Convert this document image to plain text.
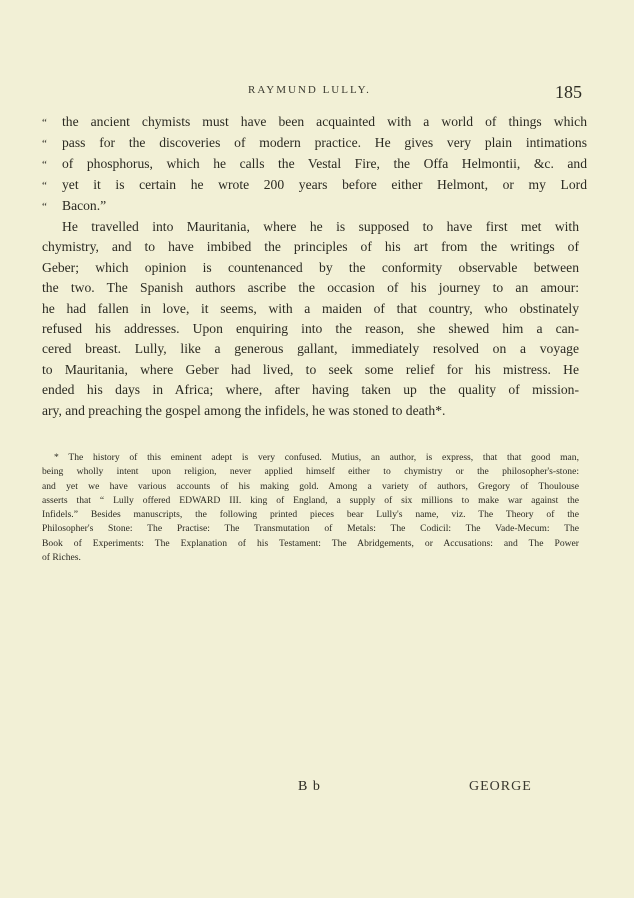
RAYMUND LULLY.	185
“	the ancient chymists must have been acquainted with a world of things which
“	pass for the discoveries of modern practice. He gives very plain intimations
“	of phosphorus, which he calls the Vestal Fire, the Offa Helmontii, &c. and
“	yet it is certain he wrote 200 years before either Helmont, or my Lord
“	Bacon.”
He travelled into Mauritania, where he is supposed to have first met with
chymistry, and to have imbibed the principles of his art from the writings of
Geber; which opinion is countenanced by the conformity observable between
the two. The Spanish authors ascribe the occasion of his journey to an amour:
he had fallen in love, it seems, with a maiden of that country, who obstinately
refused his addresses. Upon enquiring into the reason, she shewed him a can-
cered breast. Lully, like a generous gallant, immediately resolved on a voyage
to Mauritania, where Geber had lived, to seek some relief for his mistress. He
ended his days in Africa; where, after having taken up the quality of mission-
ary, and preaching the gospel among the infidels, he was stoned to death*.
* The history of this eminent adept is very confused. Mutius, an author, is express, that that good man,
being wholly intent upon religion, never applied himself either to chymistry or the philosopher's-stone:
and yet we have various accounts of his making gold. Among a variety of authors, Gregory of Thoulouse
asserts that “ Lully offered EDWARD III. king of England, a supply of six millions to make war against the
Infidels.” Besides manuscripts, the following printed pieces bear Lully's name, viz. The Theory of the
Philosopher's Stone: The Practise: The Transmutation of Metals: The Codicil: The Vade-Mecum: The
Book of Experiments: The Explanation of his Testament: The Abridgements, or Accusations: and The Power
of Riches.
B b	GEORGE
